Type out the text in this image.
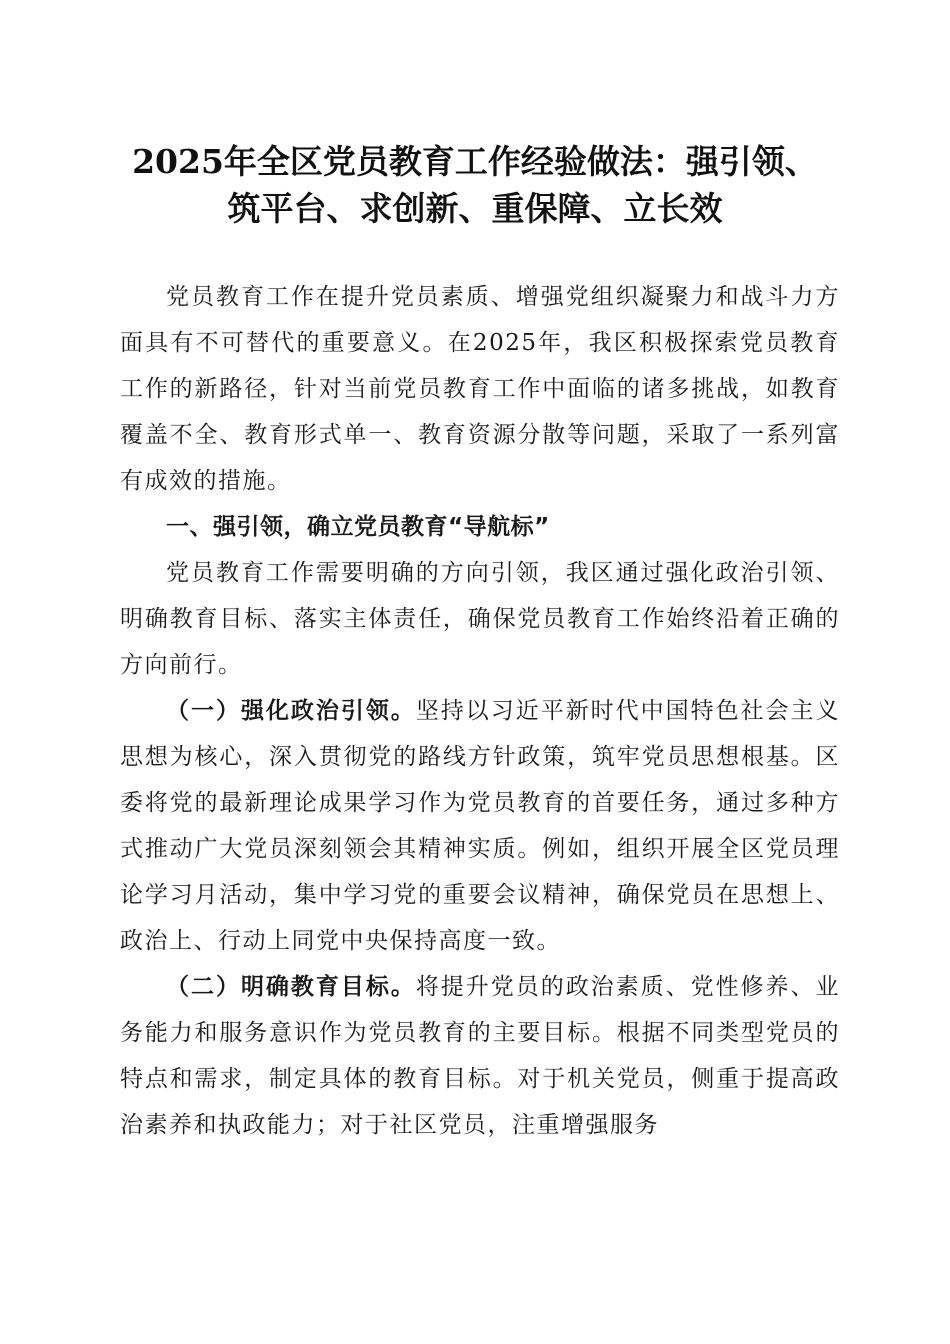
2025年全区党员教育工作经验做法：强引领、
筑平台、求创新、重保障、立长效

党员教育工作在提升党员素质、增强党组织凝聚力和战斗力方面具有不可替代的重要意义。在2025年，我区积极探索党员教育工作的新路径，针对当前党员教育工作中面临的诸多挑战，如教育覆盖不全、教育形式单一、教育资源分散等问题，采取了一系列富有成效的措施。

一、强引领，确立党员教育“导航标”

党员教育工作需要明确的方向引领，我区通过强化政治引领、明确教育目标、落实主体责任，确保党员教育工作始终沿着正确的方向前行。

（一）强化政治引领。坚持以习近平新时代中国特色社会主义思想为核心，深入贯彻党的路线方针政策，筑牢党员思想根基。区委将党的最新理论成果学习作为党员教育的首要任务，通过多种方式推动广大党员深刻领会其精神实质。例如，组织开展全区党员理论学习月活动，集中学习党的重要会议精神，确保党员在思想上、政治上、行动上同党中央保持高度一致。

（二）明确教育目标。将提升党员的政治素质、党性修养、业务能力和服务意识作为党员教育的主要目标。根据不同类型党员的特点和需求，制定具体的教育目标。对于机关党员，侧重于提高政治素养和执政能力；对于社区党员，注重增强服务
